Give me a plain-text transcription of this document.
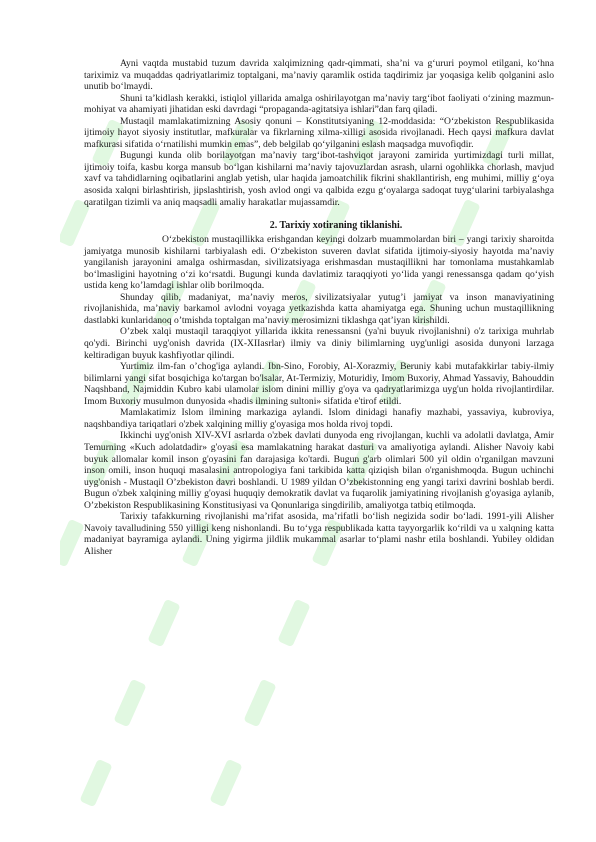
Ayni vaqtda mustabid tuzum davrida xalqimizning qadr-qimmati, sha’ni va g‘ururi poymol etilgani, ko‘hna tariximiz va muqaddas qadriyatlarimiz toptalgani, ma’naviy qaramlik ostida taqdirimiz jar yoqasiga kelib qolganini aslo unutib bo‘lmaydi.

Shuni ta’kidlash kerakki, istiqlol yillarida amalga oshirilayotgan ma’naviy targ‘ibot faoliyati o‘zining mazmun-mohiyat va ahamiyati jihatidan eski davrdagi “propaganda-agitatsiya ishlari”dan farq qiladi.

Mustaqil mamlakatimizning Asosiy qonuni – Konstitutsiyaning 12-moddasida: “O‘zbekiston Respublikasida ijtimoiy hayot siyosiy institutlar, mafkuralar va fikrlarning xilma-xilligi asosida rivojlanadi. Hech qaysi mafkura davlat mafkurasi sifatida o‘rnatilishi mumkin emas”, deb belgilab qo‘yilganini eslash maqsadga muvofiqdir.

Bugungi kunda olib borilayotgan ma’naviy targ‘ibot-tashviqot jarayoni zamirida yurtimizdagi turli millat, ijtimoiy toifa, kasbu korga mansub bo‘lgan kishilarni ma’naviy tajovuzlardan asrash, ularni ogohlikka chorlash, mavjud xavf va tahdidlarning oqibatlarini anglab yetish, ular haqida jamoatchilik fikrini shakllantirish, eng muhimi, milliy g‘oya asosida xalqni birlashtirish, jipslashtirish, yosh avlod ongi va qalbida ezgu g‘oyalarga sadoqat tuyg‘ularini tarbiyalashga qaratilgan tizimli va aniq maqsadli amaliy harakatlar mujassamdir.

2. Tarixiy xotiraning tiklanishi.

O‘zbekiston mustaqillikka erishgandan keyingi dolzarb muammolardan biri – yangi tarixiy sharoitda jamiyatga munosib kishilarni tarbiyalash edi. O‘zbekiston suveren davlat sifatida ijtimoiy-siyosiy hayotda ma’naviy yangilanish jarayonini amalga oshirmasdan, sivilizatsiyaga erishmasdan mustaqillikni har tomonlama mustahkamlab bo‘lmasligini hayotning o‘zi ko‘rsatdi. Bugungi kunda davlatimiz taraqqiyoti yo‘lida yangi renessansga qadam qo‘yish ustida keng ko’lamdagi ishlar olib borilmoqda.

Shunday qilib, madaniyat, ma’naviy meros, sivilizatsiyalar yutug’i jamiyat va inson manaviyatining rivojlanishida, ma’naviy barkamol avlodni voyaga yetkazishda katta ahamiyatga ega. Shuning uchun mustaqillikning dastlabki kunlaridanoq o’tmishda toptalgan ma’naviy merosimizni tiklashga qat’iyan kirishildi.

O’zbek xalqi mustaqil taraqqiyot yillarida ikkita renessansni (ya'ni buyuk rivojlanishni) o'z tarixiga muhrlab qo'ydi. Birinchi uyg'onish davrida (IX-XIIasrlar) ilmiy va diniy bilimlarning uyg'unligi asosida dunyoni larzaga keltiradigan buyuk kashfiyotlar qilindi.

Yurtimiz ilm-fan o’chog'iga aylandi. Ibn-Sino, Forobiy, Al-Xorazmiy, Beruniy kabi mutafakkirlar tabiy-ilmiy bilimlarni yangi sifat bosqichiga ko'targan bo'lsalar, At-Termiziy, Moturidiy, Imom Buxoriy, Ahmad Yassaviy, Bahouddin Naqshband, Najmiddin Kubro kabi ulamolar islom dinini milliy g'oya va qadryatlarimizga uyg'un holda rivojlantirdilar. Imom Buxoriy musulmon dunyosida «hadis ilmining sultoni» sifatida e'tirof etildi.

Mamlakatimiz Islom ilmining markaziga aylandi. Islom dinidagi hanafiy mazhabi, yassaviya, kubroviya, naqshbandiya tariqatlari o'zbek xalqining milliy g'oyasiga mos holda rivoj topdi.

Ikkinchi uyg'onish XIV-XVI asrlarda o'zbek davlati dunyoda eng rivojlangan, kuchli va adolatli davlatga, Amir Temurning «Kuch adolatdadir» g'oyasi esa mamlakatning harakat dasturi va amaliyotiga aylandi. Alisher Navoiy kabi buyuk allomalar komil inson g'oyasini fan darajasiga ko'tardi. Bugun g'arb olimlari 500 yil oldin o'rganilgan mavzuni inson omili, inson huquqi masalasini antropologiya fani tarkibida katta qiziqish bilan o'rganishmoqda. Bugun uchinchi uyg'onish - Mustaqil O’zbekiston davri boshlandi. U 1989 yildan O’zbekistonning eng yangi tarixi davrini boshlab berdi. Bugun o'zbek xalqining milliy g'oyasi huquqiy demokratik davlat va fuqarolik jamiyatining rivojlanish g'oyasiga aylanib, O’zbekiston Respublikasining Konstitusiyasi va Qonunlariga singdirilib, amaliyotga tatbiq etilmoqda.

Tarixiy tafakkurning rivojlanishi ma’rifat asosida, ma’rifatli bo‘lish negizida sodir bo‘ladi. 1991-yili Alisher Navoiy tavalludining 550 yilligi keng nishonlandi. Bu to‘yga respublikada katta tayyorgarlik ko‘rildi va u xalqning katta madaniyat bayramiga aylandi. Uning yigirma jildlik mukammal asarlar to‘plami nashr etila boshlandi. Yubiley oldidan Alisher
